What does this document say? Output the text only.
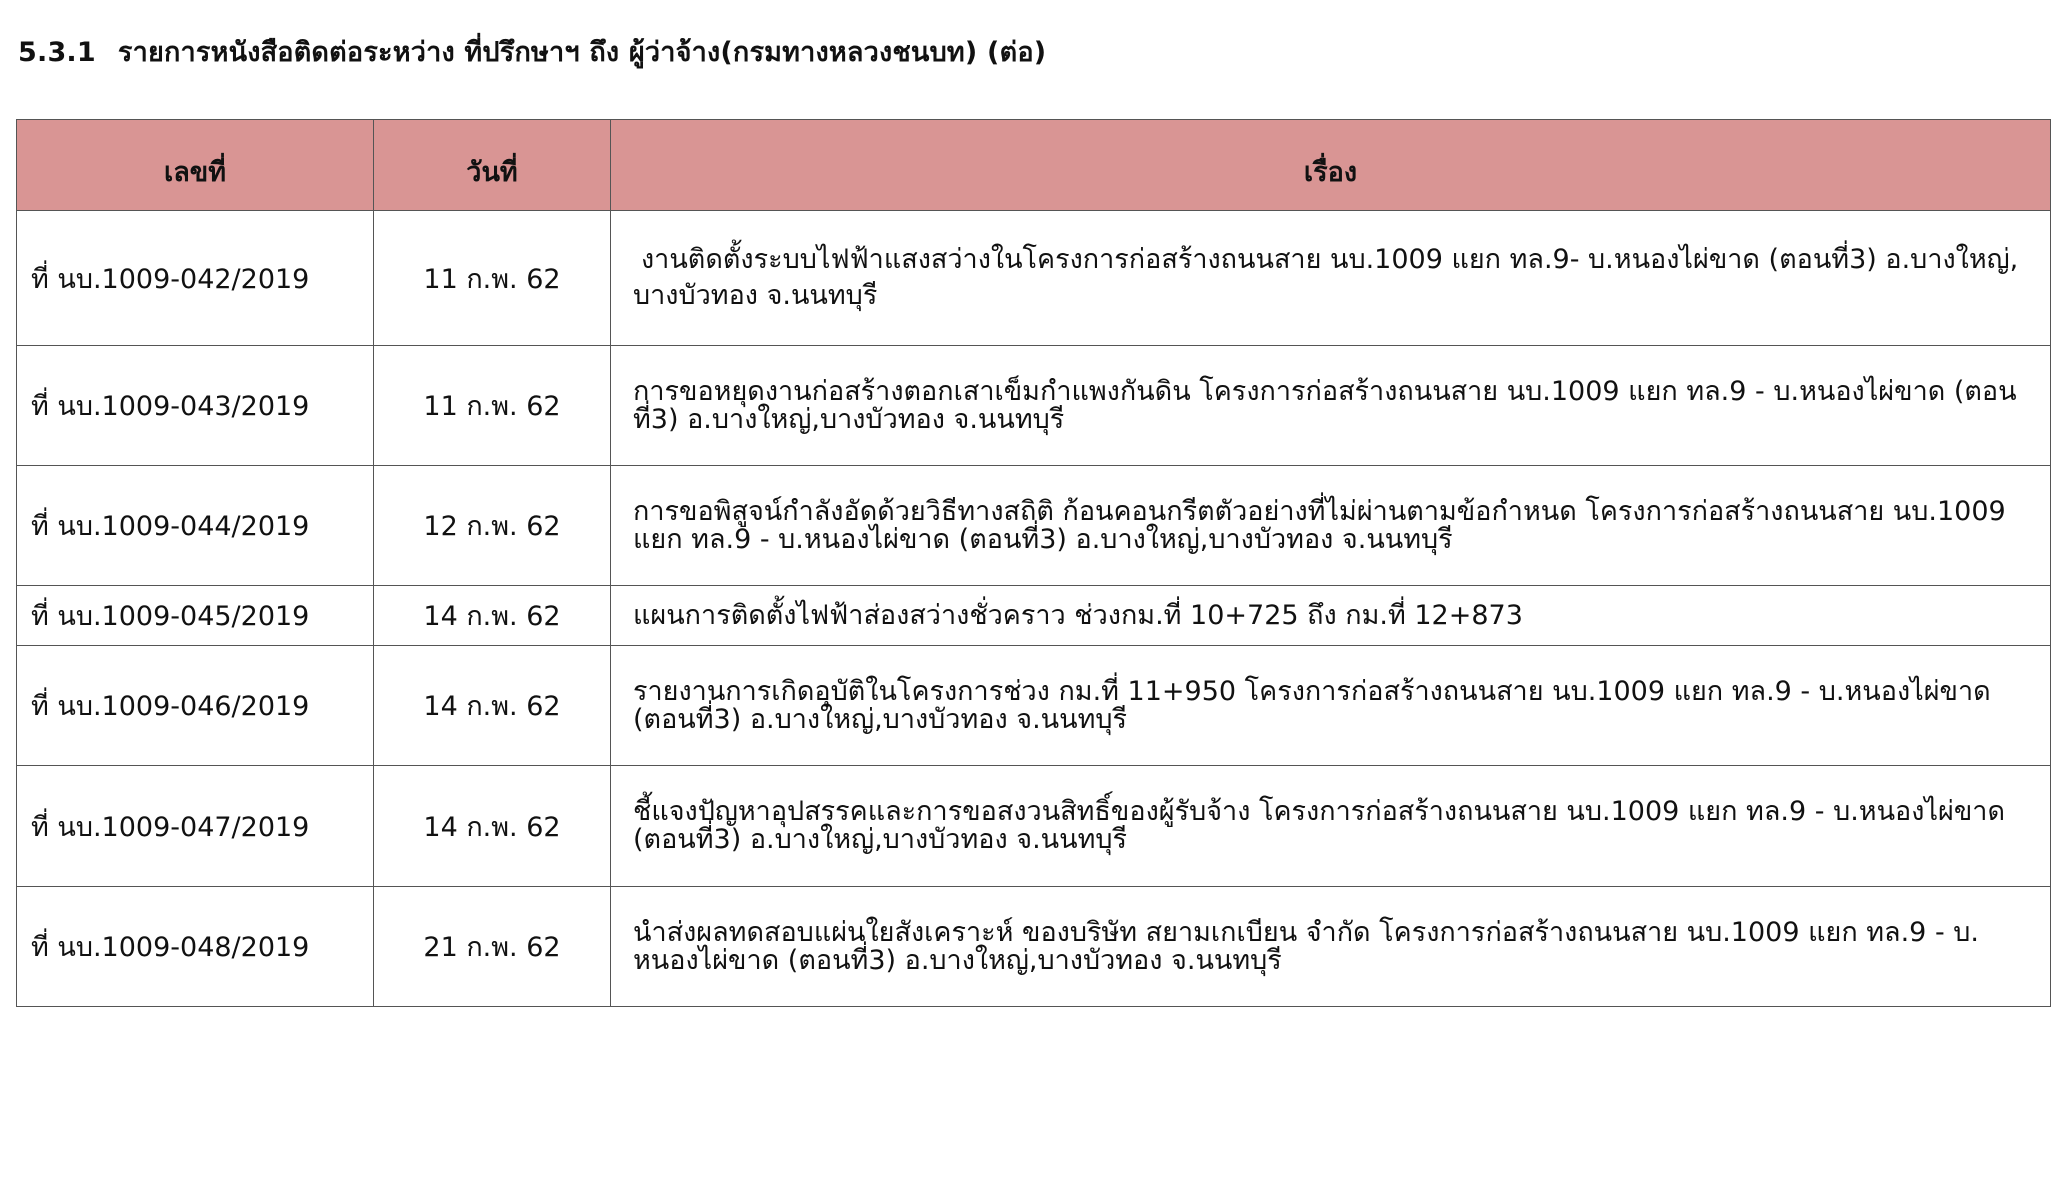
5.3.1 รายการหนังสือติดต่อระหว่าง ที่ปรึกษาฯ ถึง ผู้ว่าจ้าง(กรมทางหลวงชนบท) (ต่อ)
เลขที่	วันที่	เรื่อง
ที่ นบ.1009-042/2019	11 ก.พ. 62	งานติดตั้งระบบไฟฟ้าแสงสว่างในโครงการก่อสร้างถนนสาย นบ.1009 แยก ทล.9- บ.หนองไผ่ขาด (ตอนที่3) อ.บางใหญ่,
บางบัวทอง จ.นนทบุรี

ที่ นบ.1009-043/2019	11 ก.พ. 62	การขอหยุดงานก่อสร้างตอกเสาเข็มกำแพงกันดิน โครงการก่อสร้างถนนสาย นบ.1009 แยก ทล.9 - บ.หนองไผ่ขาด (ตอน
ที่3) อ.บางใหญ่,บางบัวทอง จ.นนทบุรี

ที่ นบ.1009-044/2019	12 ก.พ. 62	การขอพิสูจน์กำลังอัดด้วยวิธีทางสถิติ ก้อนคอนกรีตตัวอย่างที่ไม่ผ่านตามข้อกำหนด โครงการก่อสร้างถนนสาย นบ.1009
แยก ทล.9 - บ.หนองไผ่ขาด (ตอนที่3) อ.บางใหญ่,บางบัวทอง จ.นนทบุรี

ที่ นบ.1009-045/2019	14 ก.พ. 62	แผนการติดตั้งไฟฟ้าส่องสว่างชั่วคราว ช่วงกม.ที่ 10+725 ถึง กม.ที่ 12+873

ที่ นบ.1009-046/2019	14 ก.พ. 62	รายงานการเกิดอุบัติในโครงการช่วง กม.ที่ 11+950 โครงการก่อสร้างถนนสาย นบ.1009 แยก ทล.9 - บ.หนองไผ่ขาด
(ตอนที่3) อ.บางใหญ่,บางบัวทอง จ.นนทบุรี

ที่ นบ.1009-047/2019	14 ก.พ. 62	ชี้แจงปัญหาอุปสรรคและการขอสงวนสิทธิ์ของผู้รับจ้าง โครงการก่อสร้างถนนสาย นบ.1009 แยก ทล.9 - บ.หนองไผ่ขาด
(ตอนที่3) อ.บางใหญ่,บางบัวทอง จ.นนทบุรี

ที่ นบ.1009-048/2019	21 ก.พ. 62	นำส่งผลทดสอบแผ่นใยสังเคราะห์ ของบริษัท สยามเกเบียน จำกัด โครงการก่อสร้างถนนสาย นบ.1009 แยก ทล.9 - บ.
หนองไผ่ขาด (ตอนที่3) อ.บางใหญ่,บางบัวทอง จ.นนทบุรี
